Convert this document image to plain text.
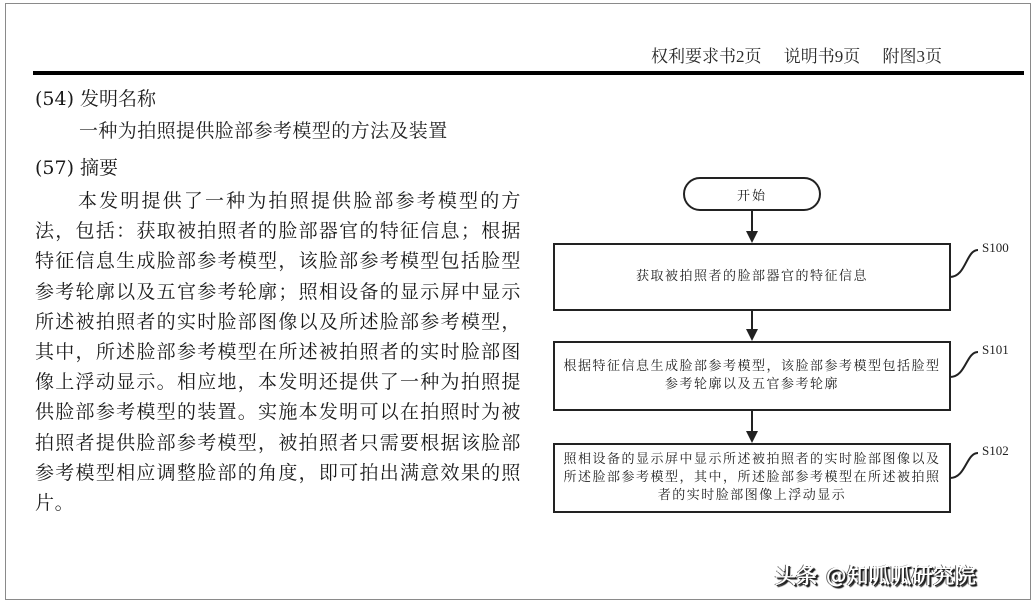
权利要求书2页 说明书9页 附图3页
(54) 发明名称
一种为拍照提供脸部参考模型的方法及装置
(57) 摘要

本发明提供了一种为拍照提供脸部参考模型的方法，包括：获取被拍照者的脸部器官的特征信息；根据特征信息生成脸部参考模型，该脸部参考模型包括脸型参考轮廓以及五官参考轮廓；照相设备的显示屏中显示所述被拍照者的实时脸部图像以及所述脸部参考模型，其中，所述脸部参考模型在所述被拍照者的实时脸部图像上浮动显示。相应地，本发明还提供了一种为拍照提供脸部参考模型的装置。实施本发明可以在拍照时为被拍照者提供脸部参考模型，被拍照者只需要根据该脸部参考模型相应调整脸部的角度，即可拍出满意效果的照片。

开始
获取被拍照者的脸部器官的特征信息
S100
根据特征信息生成脸部参考模型，该脸部参考模型包括脸型参考轮廓以及五官参考轮廓
S101
照相设备的显示屏中显示所述被拍照者的实时脸部图像以及所述脸部参考模型，其中，所述脸部参考模型在所述被拍照者的实时脸部图像上浮动显示
S102
头条 @知呱呱研究院
